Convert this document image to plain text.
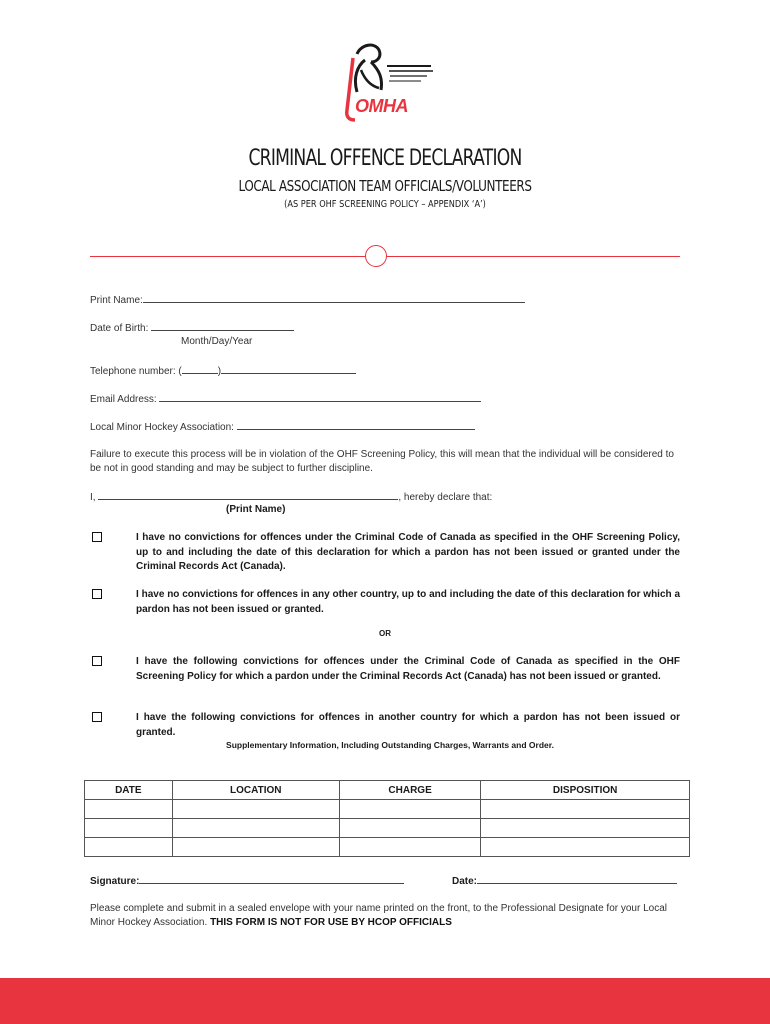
OMHA
CRIMINAL OFFENCE DECLARATION
LOCAL ASSOCIATION TEAM OFFICIALS/VOLUNTEERS
(AS PER OHF SCREENING POLICY – APPENDIX ‘A’)
Print Name:
Date of Birth:
Month/Day/Year
Telephone number: (	)
Email Address:
Local Minor Hockey Association:
Failure to execute this process will be in violation of the OHF Screening Policy, this will mean that the individual will be considered to be not in good standing and may be subject to further discipline.
I,	, hereby declare that:
(Print Name)
I have no convictions for offences under the Criminal Code of Canada as specified in the OHF Screening Policy, up to and including the date of this declaration for which a pardon has not been issued or granted under the Criminal Records Act (Canada).
I have no convictions for offences in any other country, up to and including the date of this declaration for which a pardon has not been issued or granted.
OR
I have the following convictions for offences under the Criminal Code of Canada as specified in the OHF Screening Policy for which a pardon under the Criminal Records Act (Canada) has not been issued or granted.
I have the following convictions for offences in another country for which a pardon has not been issued or granted.
Supplementary Information, Including Outstanding Charges, Warrants and Order.
DATE	LOCATION	CHARGE	DISPOSITION

Signature:	Date:
Please complete and submit in a sealed envelope with your name printed on the front, to the Professional Designate for your Local Minor Hockey Association. THIS FORM IS NOT FOR USE BY HCOP OFFICIALS
